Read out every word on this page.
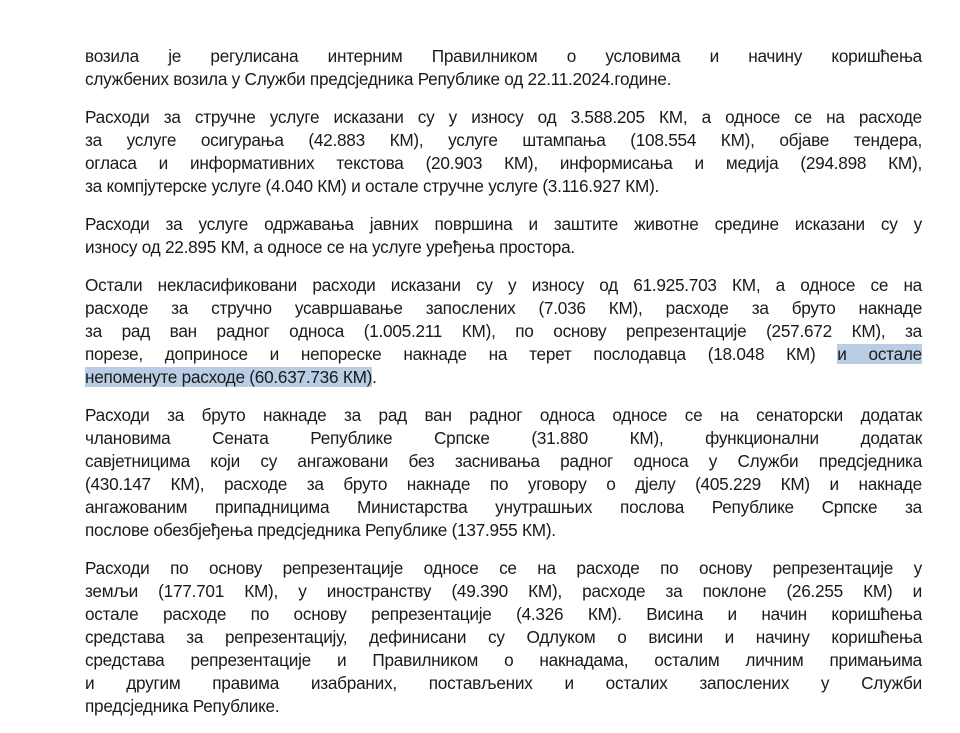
возила је регулисана интерним Правилником о условима и начину коришћења
службених возила у Служби предсједника Републике од 22.11.2024.године.

Расходи за стручне услуге исказани су у износу од 3.588.205 КМ, а односе се на расходе
за услуге осигурања (42.883 КМ), услуге штампања (108.554 КМ), објаве тендера,
огласа и информативних текстова (20.903 КМ), информисања и медија (294.898 КМ),
за компјутерске услуге (4.040 КМ) и остале стручне услуге (3.116.927 КМ).

Расходи за услуге одржавања јавних површина и заштите животне средине исказани су у
износу од 22.895 КМ, а односе се на услуге уређења простора.

Остали некласификовани расходи исказани су у износу од 61.925.703 КМ, а односе се на
расходе за стручно усавршавање запослених (7.036 КМ), расходе за бруто накнаде
за рад ван радног односа (1.005.211 КМ), по основу репрезентације (257.672 КМ), за
порезе, доприносе и непореске накнаде на терет послодавца (18.048 КМ) и остале
непоменуте расходе (60.637.736 КМ).

Расходи за бруто накнаде за рад ван радног односа односе се на сенаторски додатак
члановима Сената Републике Српске (31.880 КМ), функционални додатак
савјетницима који су ангажовани без заснивања радног односа у Служби предсједника
(430.147 КМ), расходе за бруто накнаде по уговору о дјелу (405.229 КМ) и накнаде
ангажованим припадницима Министарства унутрашњих послова Републике Српске за
послове обезбјеђења предсједника Републике (137.955 КМ).

Расходи по основу репрезентације односе се на расходе по основу репрезентације у
земљи (177.701 КМ), у иностранству (49.390 КМ), расходе за поклоне (26.255 КМ) и
остале расходе по основу репрезентације (4.326 КМ). Висина и начин коришћења
средстава за репрезентацију, дефинисани су Одлуком о висини и начину коришћења
средстава репрезентације и Правилником о накнадама, осталим личним примањима
и другим правима изабраних, постављених и осталих запослених у Служби
предсједника Републике.
